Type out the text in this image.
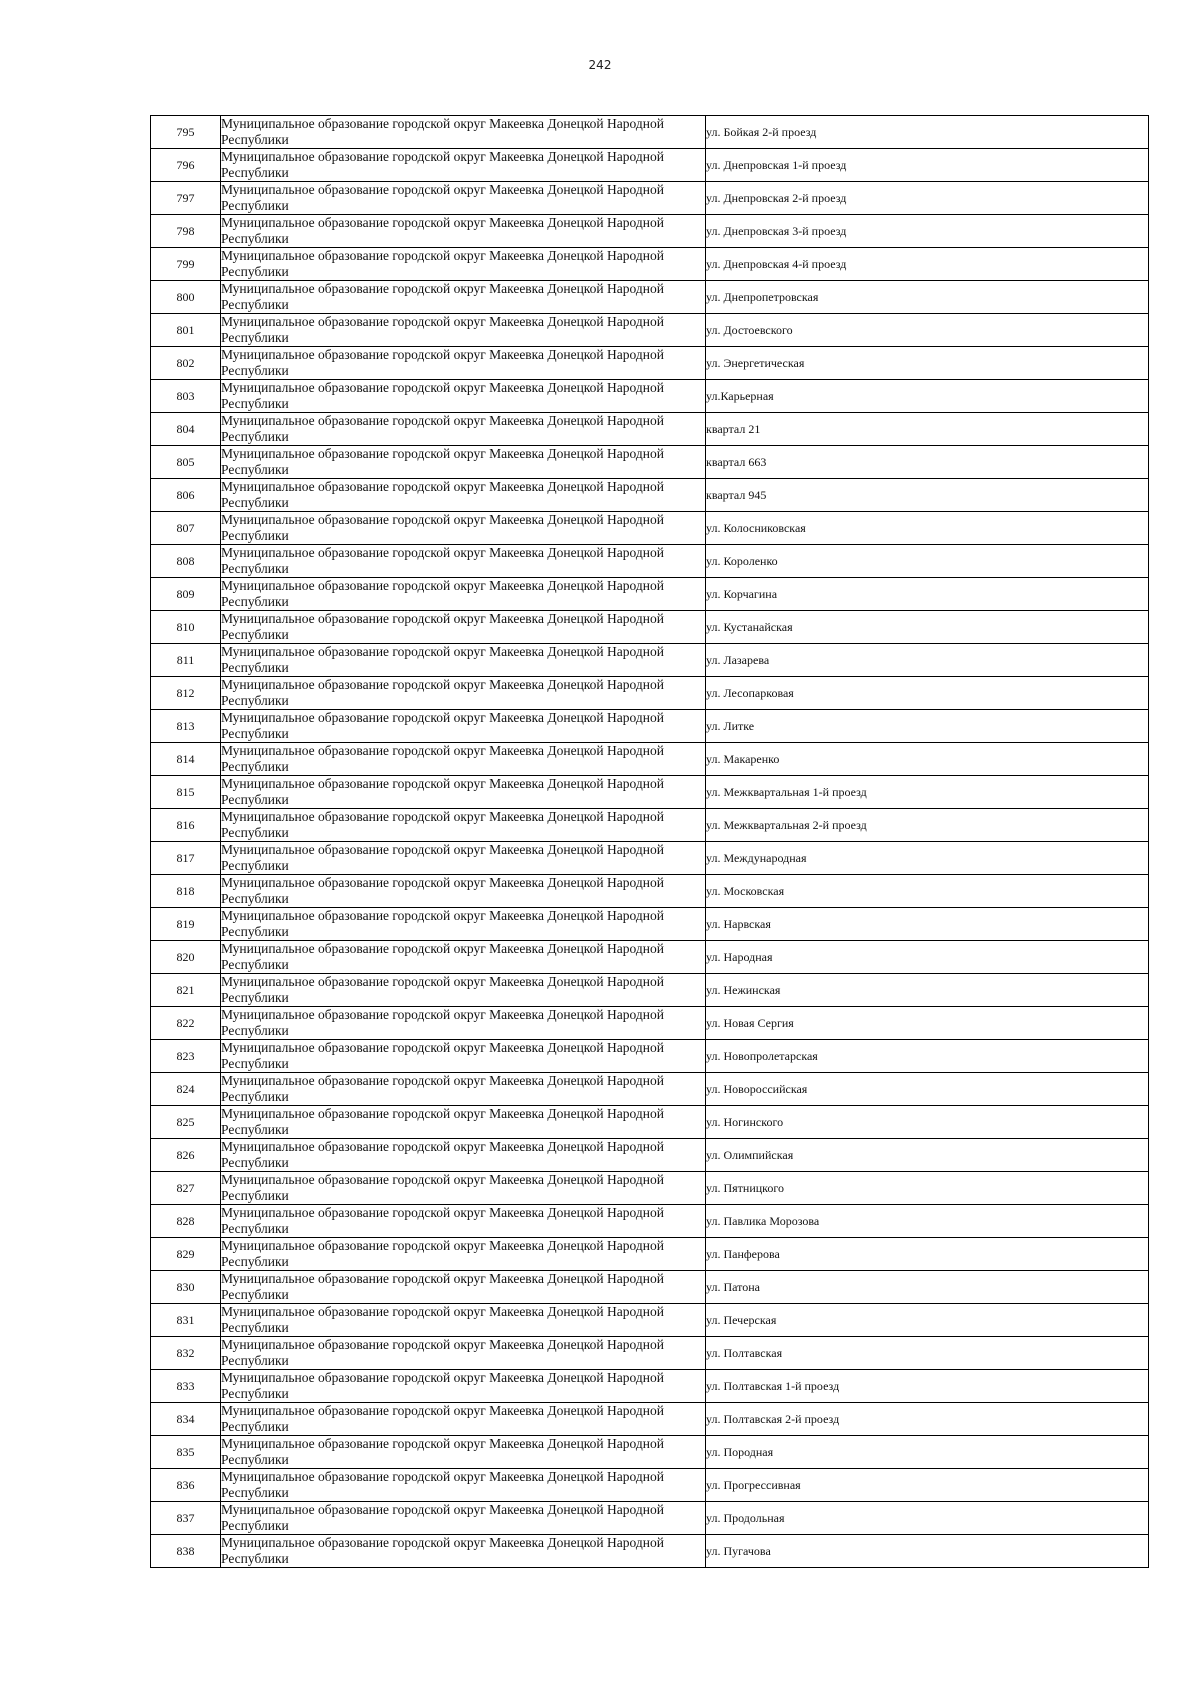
242
795	Муниципальное образование городской округ Макеевка Донецкой Народной Республики	ул. Бойкая 2-й проезд
796	Муниципальное образование городской округ Макеевка Донецкой Народной Республики	ул. Днепровская 1-й проезд
797	Муниципальное образование городской округ Макеевка Донецкой Народной Республики	ул. Днепровская 2-й проезд
798	Муниципальное образование городской округ Макеевка Донецкой Народной Республики	ул. Днепровская 3-й проезд
799	Муниципальное образование городской округ Макеевка Донецкой Народной Республики	ул. Днепровская 4-й проезд
800	Муниципальное образование городской округ Макеевка Донецкой Народной Республики	ул. Днепропетровская
801	Муниципальное образование городской округ Макеевка Донецкой Народной Республики	ул. Достоевского
802	Муниципальное образование городской округ Макеевка Донецкой Народной Республики	ул. Энергетическая
803	Муниципальное образование городской округ Макеевка Донецкой Народной Республики	ул.Карьерная
804	Муниципальное образование городской округ Макеевка Донецкой Народной Республики	квартал 21
805	Муниципальное образование городской округ Макеевка Донецкой Народной Республики	квартал 663
806	Муниципальное образование городской округ Макеевка Донецкой Народной Республики	квартал 945
807	Муниципальное образование городской округ Макеевка Донецкой Народной Республики	ул. Колосниковская
808	Муниципальное образование городской округ Макеевка Донецкой Народной Республики	ул. Короленко
809	Муниципальное образование городской округ Макеевка Донецкой Народной Республики	ул. Корчагина
810	Муниципальное образование городской округ Макеевка Донецкой Народной Республики	ул. Кустанайская
811	Муниципальное образование городской округ Макеевка Донецкой Народной Республики	ул. Лазарева
812	Муниципальное образование городской округ Макеевка Донецкой Народной Республики	ул. Лесопарковая
813	Муниципальное образование городской округ Макеевка Донецкой Народной Республики	ул. Литке
814	Муниципальное образование городской округ Макеевка Донецкой Народной Республики	ул. Макаренко
815	Муниципальное образование городской округ Макеевка Донецкой Народной Республики	ул. Межквартальная 1-й проезд
816	Муниципальное образование городской округ Макеевка Донецкой Народной Республики	ул. Межквартальная 2-й проезд
817	Муниципальное образование городской округ Макеевка Донецкой Народной Республики	ул. Международная
818	Муниципальное образование городской округ Макеевка Донецкой Народной Республики	ул. Московская
819	Муниципальное образование городской округ Макеевка Донецкой Народной Республики	ул. Нарвская
820	Муниципальное образование городской округ Макеевка Донецкой Народной Республики	ул. Народная
821	Муниципальное образование городской округ Макеевка Донецкой Народной Республики	ул. Нежинская
822	Муниципальное образование городской округ Макеевка Донецкой Народной Республики	ул. Новая Сергия
823	Муниципальное образование городской округ Макеевка Донецкой Народной Республики	ул. Новопролетарская
824	Муниципальное образование городской округ Макеевка Донецкой Народной Республики	ул. Новороссийская
825	Муниципальное образование городской округ Макеевка Донецкой Народной Республики	ул. Ногинского
826	Муниципальное образование городской округ Макеевка Донецкой Народной Республики	ул. Олимпийская
827	Муниципальное образование городской округ Макеевка Донецкой Народной Республики	ул. Пятницкого
828	Муниципальное образование городской округ Макеевка Донецкой Народной Республики	ул. Павлика Морозова
829	Муниципальное образование городской округ Макеевка Донецкой Народной Республики	ул. Панферова
830	Муниципальное образование городской округ Макеевка Донецкой Народной Республики	ул. Патона
831	Муниципальное образование городской округ Макеевка Донецкой Народной Республики	ул. Печерская
832	Муниципальное образование городской округ Макеевка Донецкой Народной Республики	ул. Полтавская
833	Муниципальное образование городской округ Макеевка Донецкой Народной Республики	ул. Полтавская 1-й проезд
834	Муниципальное образование городской округ Макеевка Донецкой Народной Республики	ул. Полтавская 2-й проезд
835	Муниципальное образование городской округ Макеевка Донецкой Народной Республики	ул. Породная
836	Муниципальное образование городской округ Макеевка Донецкой Народной Республики	ул. Прогрессивная
837	Муниципальное образование городской округ Макеевка Донецкой Народной Республики	ул. Продольная
838	Муниципальное образование городской округ Макеевка Донецкой Народной Республики	ул. Пугачова
